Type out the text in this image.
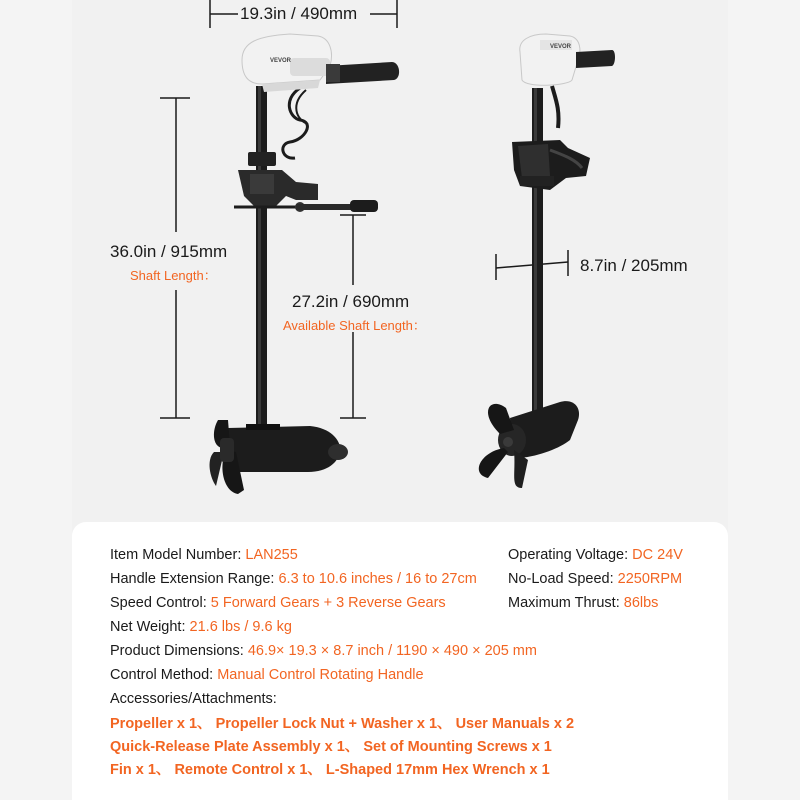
VEVOR
VEVOR
19.3in / 490mm
36.0in / 915mm
Shaft Length：
27.2in / 690mm
Available Shaft Length：
8.7in / 205mm
Item Model Number: LAN255
Handle Extension Range: 6.3 to 10.6 inches / 16 to 27cm
Speed Control: 5 Forward Gears + 3 Reverse Gears
Net Weight: 21.6 lbs / 9.6 kg
Product Dimensions: 46.9× 19.3 × 8.7 inch / 1190 × 490 × 205 mm
Control Method: Manual Control Rotating Handle
Operating Voltage: DC 24V
No-Load Speed: 2250RPM
Maximum Thrust: 86lbs
Accessories/Attachments:
Propeller x 1、 Propeller Lock Nut + Washer x 1、 User Manuals x 2
Quick-Release Plate Assembly x 1、 Set of Mounting Screws x 1
Fin x 1、 Remote Control x 1、 L-Shaped 17mm Hex Wrench x 1
